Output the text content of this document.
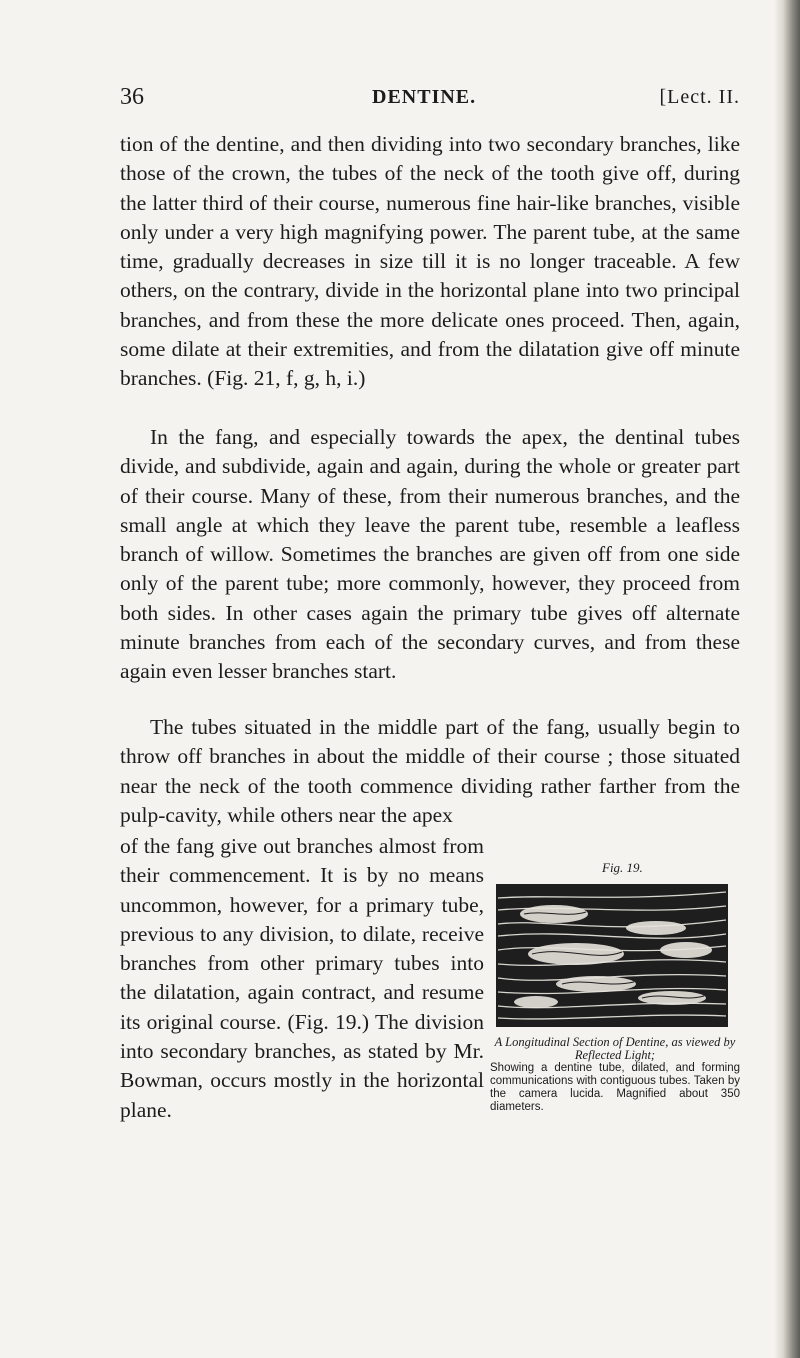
36	DENTINE.	[Lect. II.

tion of the dentine, and then dividing into two secondary branches, like those of the crown, the tubes of the neck of the tooth give off, during the latter third of their course, numerous fine hair-like branches, visible only under a very high magnifying power. The parent tube, at the same time, gradually decreases in size till it is no longer traceable. A few others, on the contrary, divide in the horizontal plane into two principal branches, and from these the more delicate ones proceed. Then, again, some dilate at their extremities, and from the dilatation give off minute branches. (Fig. 21, f, g, h, i.)

In the fang, and especially towards the apex, the dentinal tubes divide, and subdivide, again and again, during the whole or greater part of their course. Many of these, from their numerous branches, and the small angle at which they leave the parent tube, resemble a leafless branch of willow. Sometimes the branches are given off from one side only of the parent tube; more commonly, however, they proceed from both sides. In other cases again the primary tube gives off alternate minute branches from each of the secondary curves, and from these again even lesser branches start.

The tubes situated in the middle part of the fang, usually begin to throw off branches in about the middle of their course ; those situated near the neck of the tooth commence dividing rather farther from the pulp-cavity, while others near the apex

of the fang give out branches almost from their commencement. It is by no means uncommon, however, for a primary tube, previous to any division, to dilate, receive branches from other primary tubes into the dilatation, again contract, and resume its original course. (Fig. 19.) The division into secondary branches, as stated by Mr. Bowman, occurs mostly in the horizontal plane.

Fig. 19.
A Longitudinal Section of Dentine, as viewed by Reflected Light;
Showing a dentine tube, dilated, and forming communications with contiguous tubes. Taken by the camera lucida. Magnified about 350 diameters.
